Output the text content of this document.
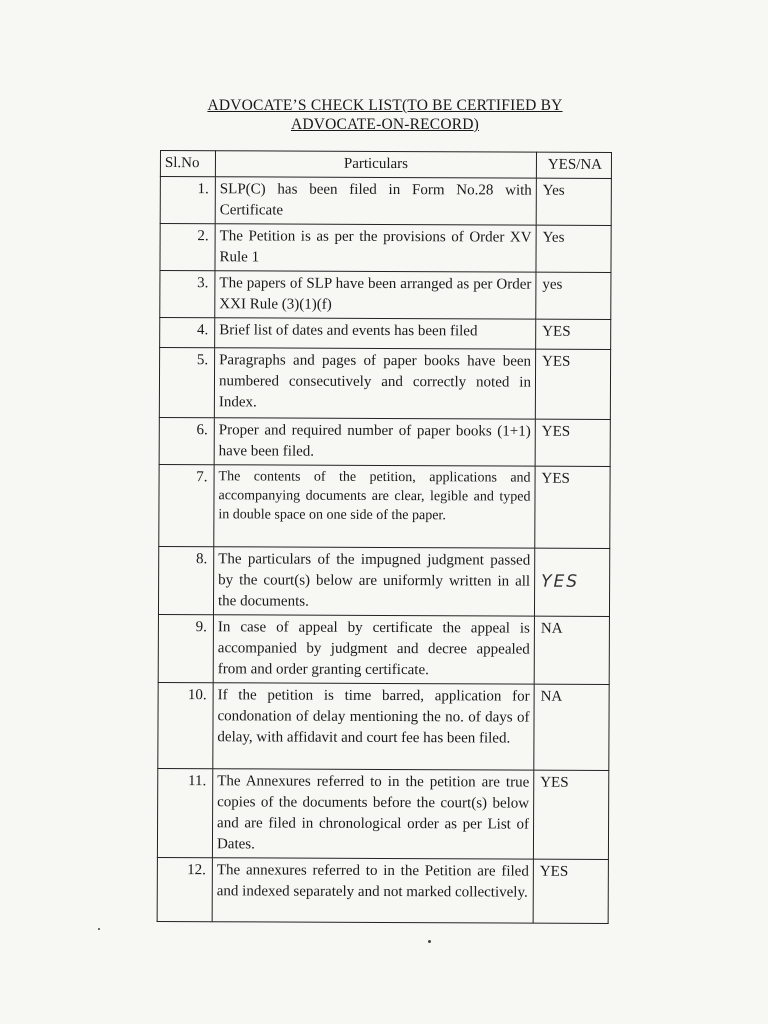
ADVOCATE’S CHECK LIST(TO BE CERTIFIED BY
ADVOCATE-ON-RECORD)
Sl.No	Particulars	YES/NA
1.	SLP(C) has been filed in Form No.28 with Certificate	Yes
2.	The Petition is as per the provisions of Order XV Rule 1	Yes
3.	The papers of SLP have been arranged as per Order XXI Rule (3)(1)(f)	yes
4.	Brief list of dates and events has been filed	YES
5.	Paragraphs and pages of paper books have been numbered consecutively and correctly noted in Index.	YES
6.	Proper and required number of paper books (1+1) have been filed.	YES
7.	The contents of the petition, applications and accompanying documents are clear, legible and typed in double space on one side of the paper.	YES
8.	The particulars of the impugned judgment passed by the court(s) below are uniformly written in all the documents.	YES
9.	In case of appeal by certificate the appeal is accompanied by judgment and decree appealed from and order granting certificate.	NA
10.	If the petition is time barred, application for condonation of delay mentioning the no. of days of delay, with affidavit and court fee has been filed.	NA
11.	The Annexures referred to in the petition are true copies of the documents before the court(s) below and are filed in chronological order as per List of Dates.	YES
12.	The annexures referred to in the Petition are filed and indexed separately and not marked collectively.	YES
